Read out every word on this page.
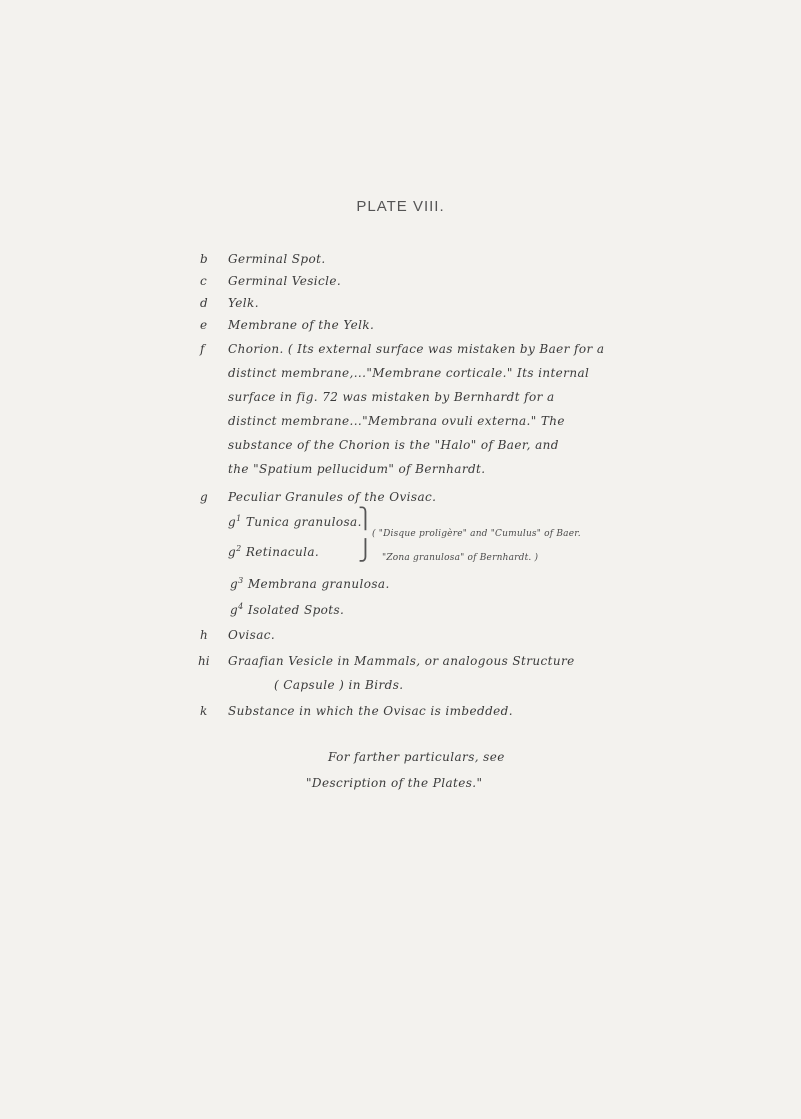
PLATE VIII.
b Germinal Spot.
c Germinal Vesicle.
d Yelk.
e Membrane of the Yelk.
f Chorion. ( Its external surface was mistaken by Baer for a
distinct membrane,..."Membrane corticale." Its internal
surface in fig. 72 was mistaken by Bernhardt for a
distinct membrane..."Membrana ovuli externa." The
substance of the Chorion is the "Halo" of Baer, and
the "Spatium pellucidum" of Bernhardt.
g Peculiar Granules of the Ovisac.
$g^1$ Tunica granulosa.
$g^2$ Retinacula.
⎫
⎭
( "Disque proligère" and "Cumulus" of Baer.
"Zona granulosa" of Bernhardt. )
$g^3$ Membrana granulosa.
$g^4$ Isolated Spots.
h Ovisac.
hi Graafian Vesicle in Mammals, or analogous Structure
( Capsule ) in Birds.
k Substance in which the Ovisac is imbedded.
For farther particulars, see
"Description of the Plates."
